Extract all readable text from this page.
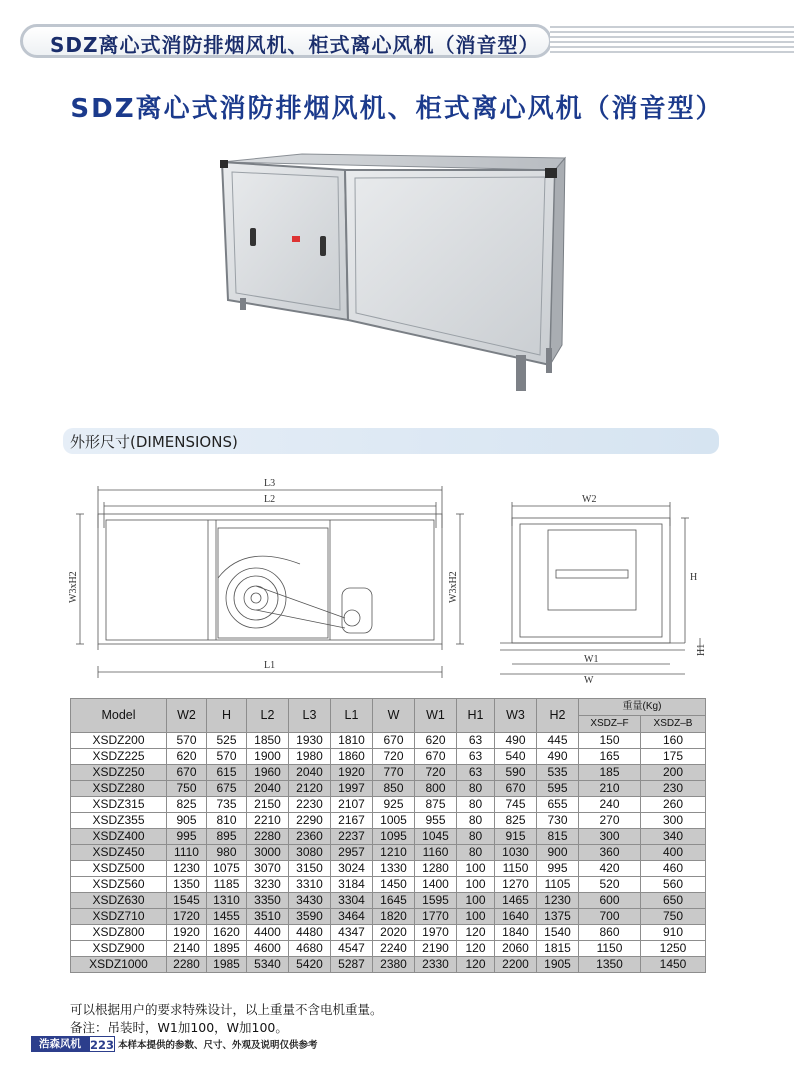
SDZ离心式消防排烟风机、柜式离心风机（消音型）
SDZ离心式消防排烟风机、柜式离心风机（消音型）
外形尺寸(DIMENSIONS)
L3
L2
L1
W3xH2	W3xH2
W2
H
H1
W1
W
Model	W2	H	L2	L3	L1	W	W1	H1	W3	H2	重量(Kg)	
											XSDZ–F	XSDZ–B
XSDZ200	570	525	1850	1930	1810	670	620	63	490	445	150	160
XSDZ225	620	570	1900	1980	1860	720	670	63	540	490	165	175
XSDZ250	670	615	1960	2040	1920	770	720	63	590	535	185	200
XSDZ280	750	675	2040	2120	1997	850	800	80	670	595	210	230
XSDZ315	825	735	2150	2230	2107	925	875	80	745	655	240	260
XSDZ355	905	810	2210	2290	2167	1005	955	80	825	730	270	300
XSDZ400	995	895	2280	2360	2237	1095	1045	80	915	815	300	340
XSDZ450	1110	980	3000	3080	2957	1210	1160	80	1030	900	360	400
XSDZ500	1230	1075	3070	3150	3024	1330	1280	100	1150	995	420	460
XSDZ560	1350	1185	3230	3310	3184	1450	1400	100	1270	1105	520	560
XSDZ630	1545	1310	3350	3430	3304	1645	1595	100	1465	1230	600	650
XSDZ710	1720	1455	3510	3590	3464	1820	1770	100	1640	1375	700	750
XSDZ800	1920	1620	4400	4480	4347	2020	1970	120	1840	1540	860	910
XSDZ900	2140	1895	4600	4680	4547	2240	2190	120	2060	1815	1150	1250
XSDZ1000	2280	1985	5340	5420	5287	2380	2330	120	2200	1905	1350	1450
可以根据用户的要求特殊设计，以上重量不含电机重量。
备注：吊装时，W1加100，W加100。
浩森风机 223 本样本提供的参数、尺寸、外观及说明仅供参考
